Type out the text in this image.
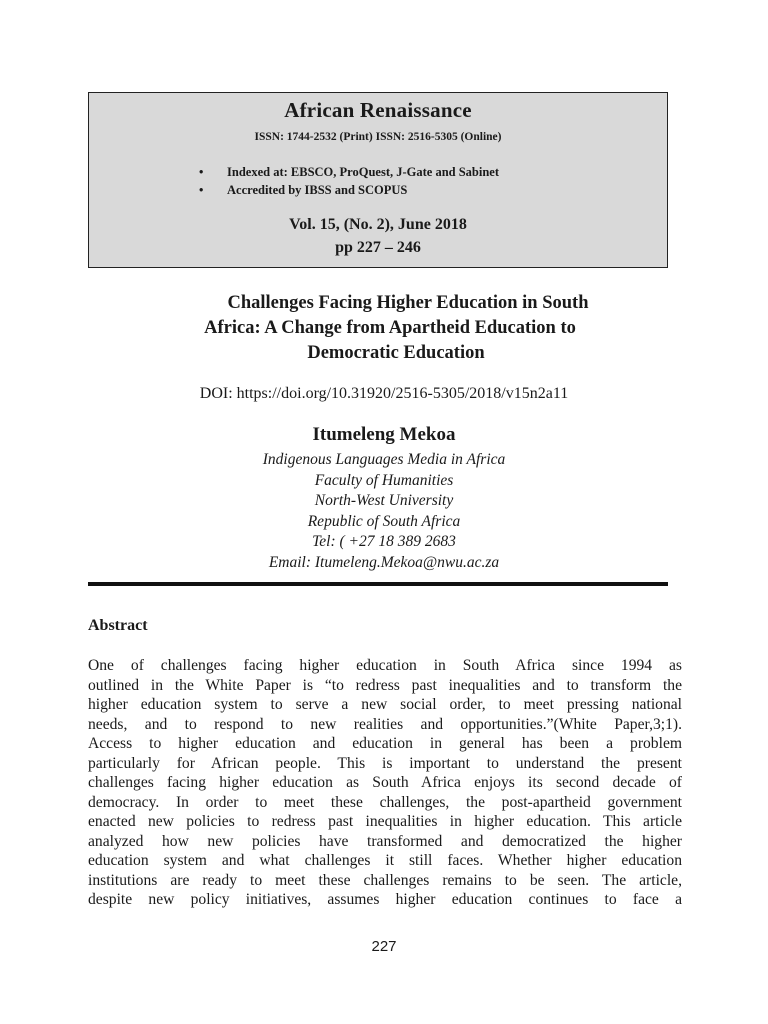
African Renaissance
ISSN: 1744-2532 (Print) ISSN: 2516-5305 (Online)
• Indexed at: EBSCO, ProQuest, J-Gate and Sabinet
• Accredited by IBSS and SCOPUS
Vol. 15, (No. 2), June 2018
pp 227 – 246
Challenges Facing Higher Education in South
Africa: A Change from Apartheid Education to
Democratic Education
DOI: https://doi.org/10.31920/2516-5305/2018/v15n2a11
Itumeleng Mekoa
Indigenous Languages Media in Africa
Faculty of Humanities
North-West University
Republic of South Africa
Tel: ( +27 18 389 2683
Email: Itumeleng.Mekoa@nwu.ac.za
Abstract
One of challenges facing higher education in South Africa since 1994 as
outlined in the White Paper is “to redress past inequalities and to transform the
higher education system to serve a new social order, to meet pressing national
needs, and to respond to new realities and opportunities.”(White Paper,3;1).
Access to higher education and education in general has been a problem
particularly for African people. This is important to understand the present
challenges facing higher education as South Africa enjoys its second decade of
democracy. In order to meet these challenges, the post-apartheid government
enacted new policies to redress past inequalities in higher education. This article
analyzed how new policies have transformed and democratized the higher
education system and what challenges it still faces. Whether higher education
institutions are ready to meet these challenges remains to be seen. The article,
despite new policy initiatives, assumes higher education continues to face a
227
